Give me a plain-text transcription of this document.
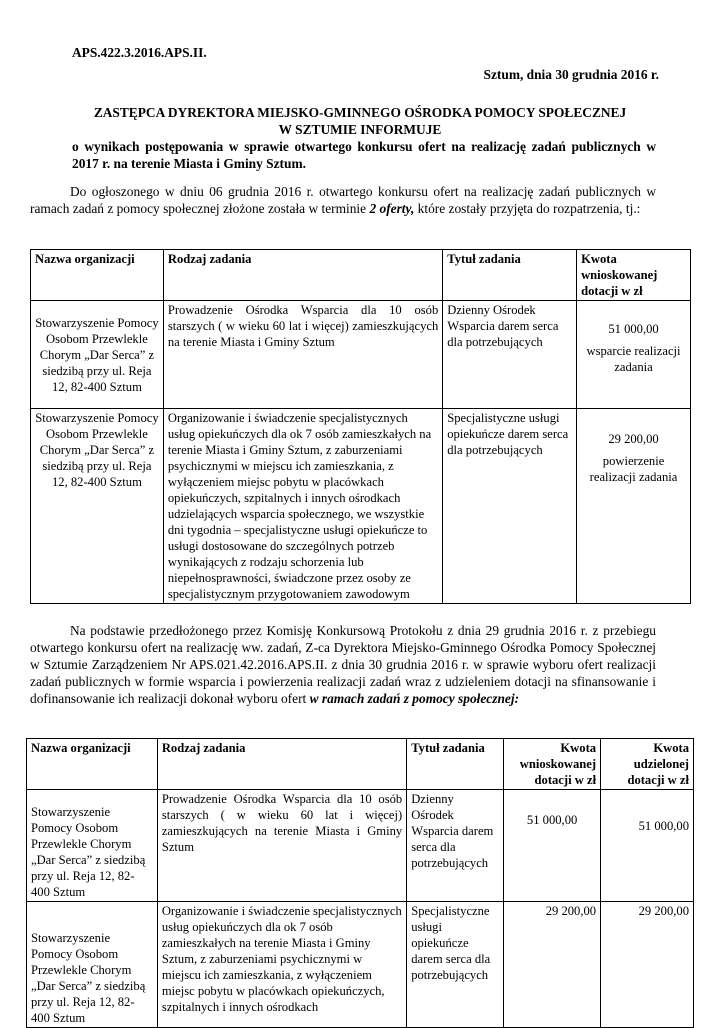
APS.422.3.2016.APS.II.
Sztum, dnia 30 grudnia 2016 r.
ZASTĘPCA DYREKTORA MIEJSKO-GMINNEGO OŚRODKA POMOCY SPOŁECZNEJ
W SZTUMIE INFORMUJE
o wynikach postępowania w sprawie otwartego konkursu ofert na realizację zadań publicznych w 2017 r. na terenie Miasta i Gminy Sztum.
Do ogłoszonego w dniu 06 grudnia 2016 r. otwartego konkursu ofert na realizację zadań publicznych w ramach zadań z pomocy społecznej złożone została w terminie 2 oferty, które zostały przyjęta do rozpatrzenia, tj.:
Nazwa organizacji	Rodzaj zadania	Tytuł zadania	Kwota wnioskowanej dotacji w zł
Stowarzyszenie Pomocy Osobom Przewlekle Chorym „Dar Serca” z siedzibą przy ul. Reja 12, 82-400 Sztum	Prowadzenie Ośrodka Wsparcia dla 10 osób starszych ( w wieku 60 lat i więcej) zamieszkujących na terenie Miasta i Gminy Sztum	Dzienny Ośrodek Wsparcia darem serca dla potrzebujących	51 000,00
wsparcie realizacji zadania

Stowarzyszenie Pomocy Osobom Przewlekle Chorym „Dar Serca” z siedzibą przy ul. Reja 12, 82-400 Sztum	Organizowanie i świadczenie specjalistycznych usług opiekuńczych dla ok 7 osób zamieszkałych na terenie Miasta i Gminy Sztum, z zaburzeniami psychicznymi w miejscu ich zamieszkania, z wyłączeniem miejsc pobytu w placówkach opiekuńczych, szpitalnych i innych ośrodkach udzielających wsparcia społecznego, we wszystkie dni tygodnia – specjalistyczne usługi opiekuńcze to usługi dostosowane do szczególnych potrzeb wynikających z rodzaju schorzenia lub niepełnosprawności, świadczone przez osoby ze specjalistycznym przygotowaniem zawodowym	Specjalistyczne usługi opiekuńcze darem serca dla potrzebujących	29 200,00
powierzenie realizacji zadania
Na podstawie przedłożonego przez Komisję Konkursową Protokołu z dnia 29 grudnia 2016 r. z przebiegu otwartego konkursu ofert na realizację ww. zadań, Z-ca Dyrektora Miejsko-Gminnego Ośrodka Pomocy Społecznej w Sztumie Zarządzeniem Nr APS.021.42.2016.APS.II. z dnia 30 grudnia 2016 r. w sprawie wyboru ofert realizacji zadań publicznych w formie wsparcia i powierzenia realizacji zadań wraz z udzieleniem dotacji na sfinansowanie i dofinansowanie ich realizacji dokonał wyboru ofert w ramach zadań z pomocy społecznej:
Nazwa organizacji	Rodzaj zadania	Tytuł zadania	Kwota wnioskowanej dotacji w zł	Kwota udzielonej dotacji w zł
Stowarzyszenie Pomocy Osobom Przewlekle Chorym „Dar Serca” z siedzibą przy ul. Reja 12, 82-400 Sztum	Prowadzenie Ośrodka Wsparcia dla 10 osób starszych ( w wieku 60 lat i więcej) zamieszkujących na terenie Miasta i Gminy Sztum	Dzienny Ośrodek Wsparcia darem serca dla potrzebujących	51 000,00	51 000,00
Stowarzyszenie Pomocy Osobom Przewlekle Chorym „Dar Serca” z siedzibą przy ul. Reja 12, 82-400 Sztum	Organizowanie i świadczenie specjalistycznych usług opiekuńczych dla ok 7 osób zamieszkałych na terenie Miasta i Gminy Sztum, z zaburzeniami psychicznymi w miejscu ich zamieszkania, z wyłączeniem miejsc pobytu w placówkach opiekuńczych, szpitalnych i innych ośrodkach	Specjalistyczne usługi opiekuńcze darem serca dla potrzebujących	29 200,00	29 200,00
